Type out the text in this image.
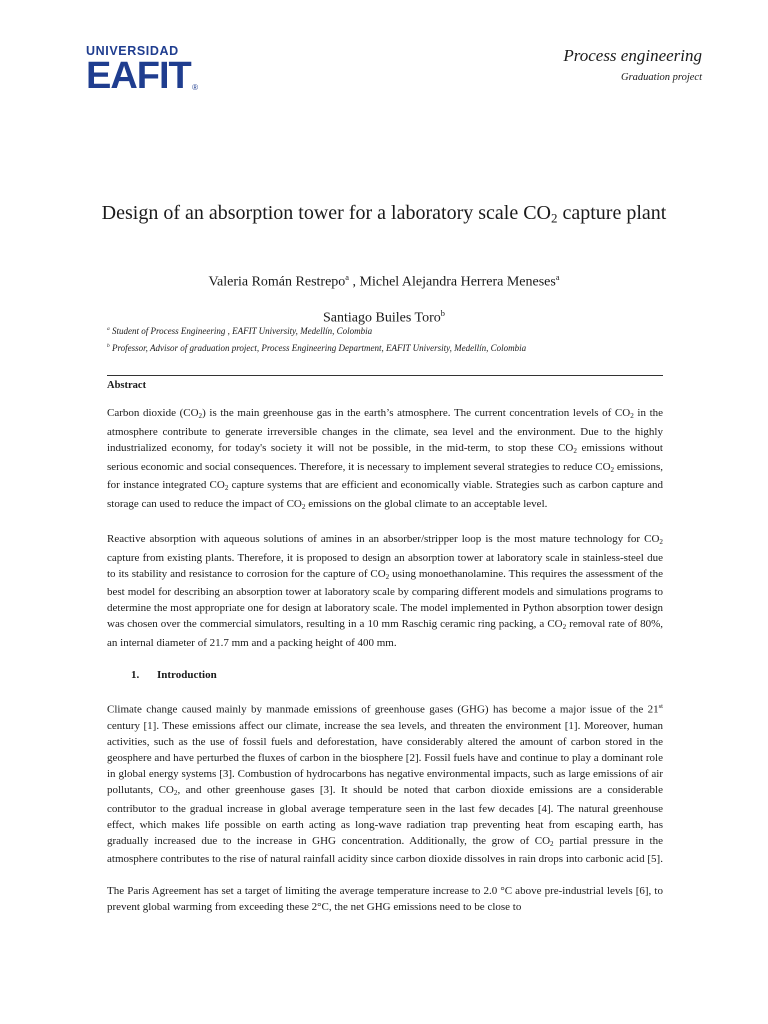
UNIVERSIDAD
EAFIT ®
Process engineering
Graduation project
Design of an absorption tower for a laboratory scale $CO_2$ capture plant
Valeria Román Restrepo$^a$ , Michel Alejandra Herrera Meneses$^a$
Santiago Builes Toro$^b$
$^a$ Student of Process Engineering , EAFIT University, Medellín, Colombia
$^b$ Professor, Advisor of graduation project, Process Engineering Department, EAFIT University, Medellín, Colombia
Abstract

Carbon dioxide $(CO_2)$ is the main greenhouse gas in the earth’s atmosphere. The current concentration levels of $CO_2$ in the atmosphere contribute to generate irreversible changes in the climate, sea level and the environment. Due to the highly industrialized economy, for today's society it will not be possible, in the mid-term, to stop these $CO_2$ emissions without serious economic and social consequences. Therefore, it is necessary to implement several strategies to reduce $CO_2$ emissions, for instance integrated $CO_2$ capture systems that are efficient and economically viable. Strategies such as carbon capture and storage can used to reduce the impact of $CO_2$ emissions on the global climate to an acceptable level.

Reactive absorption with aqueous solutions of amines in an absorber/stripper loop is the most mature technology for $CO_2$ capture from existing plants. Therefore, it is proposed to design an absorption tower at laboratory scale in stainless-steel due to its stability and resistance to corrosion for the capture of $CO_2$ using monoethanolamine. This requires the assessment of the best model for describing an absorption tower at laboratory scale by comparing different models and simulations programs to determine the most appropriate one for design at laboratory scale. The model implemented in Python absorption tower design was chosen over the commercial simulators, resulting in a 10 mm Raschig ceramic ring packing, a $CO_2$ removal rate of 80%, an internal diameter of 21.7 mm and a packing height of 400 mm.

1. Introduction

Climate change caused mainly by manmade emissions of greenhouse gases (GHG) has become a major issue of the 21st century [1]. These emissions affect our climate, increase the sea levels, and threaten the environment [1]. Moreover, human activities, such as the use of fossil fuels and deforestation, have considerably altered the amount of carbon stored in the geosphere and have perturbed the fluxes of carbon in the biosphere [2]. Fossil fuels have and continue to play a dominant role in global energy systems [3]. Combustion of hydrocarbons has negative environmental impacts, such as large emissions of air pollutants, $CO_2$, and other greenhouse gases [3]. It should be noted that carbon dioxide emissions are a considerable contributor to the gradual increase in global average temperature seen in the last few decades [4]. The natural greenhouse effect, which makes life possible on earth acting as long-wave radiation trap preventing heat from escaping earth, has gradually increased due to the increase in GHG concentration. Additionally, the grow of $CO_2$ partial pressure in the atmosphere contributes to the rise of natural rainfall acidity since carbon dioxide dissolves in rain drops into carbonic acid [5].

The Paris Agreement has set a target of limiting the average temperature increase to 2.0 °C above pre-industrial levels [6], to prevent global warming from exceeding these 2°C, the net GHG emissions need to be close to
